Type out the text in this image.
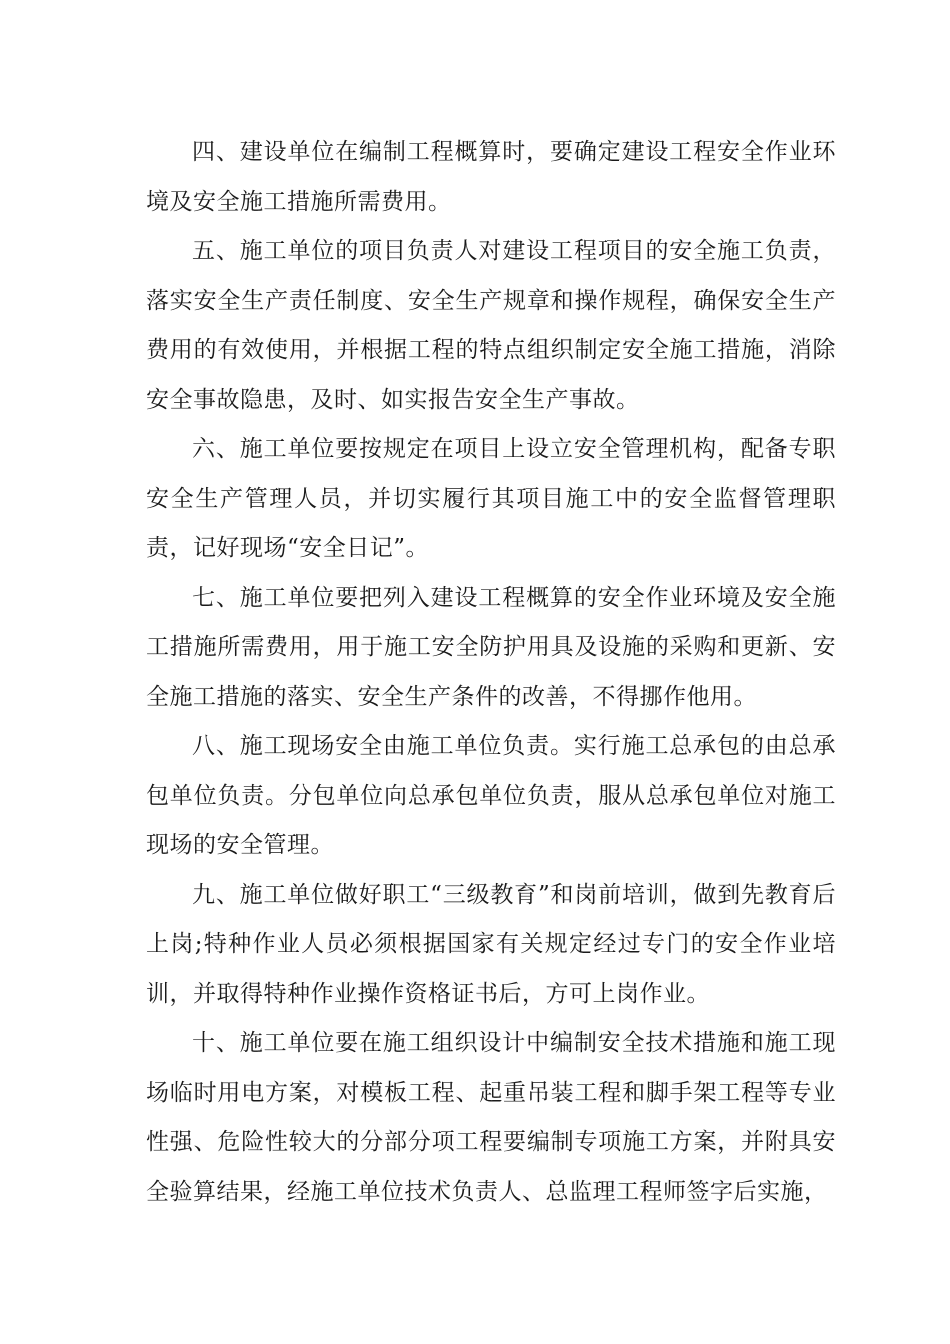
四、建设单位在编制工程概算时，要确定建设工程安全作业环境及安全施工措施所需费用。

五、施工单位的项目负责人对建设工程项目的安全施工负责，落实安全生产责任制度、安全生产规章和操作规程，确保安全生产费用的有效使用，并根据工程的特点组织制定安全施工措施，消除安全事故隐患，及时、如实报告安全生产事故。

六、施工单位要按规定在项目上设立安全管理机构，配备专职安全生产管理人员，并切实履行其项目施工中的安全监督管理职责，记好现场“安全日记”。

七、施工单位要把列入建设工程概算的安全作业环境及安全施工措施所需费用，用于施工安全防护用具及设施的采购和更新、安全施工措施的落实、安全生产条件的改善，不得挪作他用。

八、施工现场安全由施工单位负责。实行施工总承包的由总承包单位负责。分包单位向总承包单位负责，服从总承包单位对施工现场的安全管理。

九、施工单位做好职工“三级教育”和岗前培训，做到先教育后上岗;特种作业人员必须根据国家有关规定经过专门的安全作业培训，并取得特种作业操作资格证书后，方可上岗作业。

十、施工单位要在施工组织设计中编制安全技术措施和施工现场临时用电方案，对模板工程、起重吊装工程和脚手架工程等专业性强、危险性较大的分部分项工程要编制专项施工方案，并附具安全验算结果，经施工单位技术负责人、总监理工程师签字后实施，
